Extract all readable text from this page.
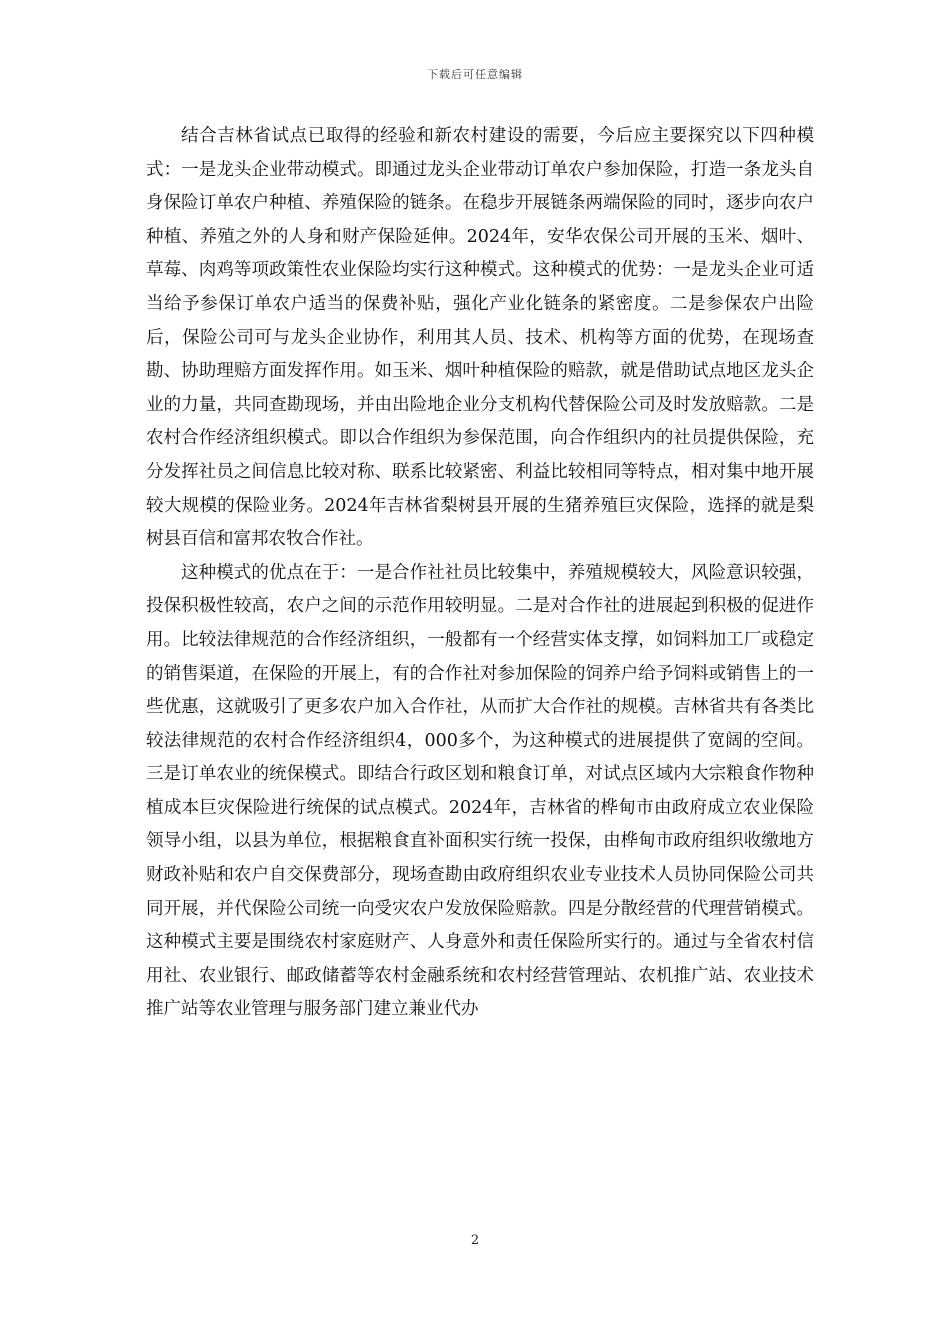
下载后可任意编辑

结合吉林省试点已取得的经验和新农村建设的需要，今后应主要探究以下四种模式：一是龙头企业带动模式。即通过龙头企业带动订单农户参加保险，打造一条龙头自身保险订单农户种植、养殖保险的链条。在稳步开展链条两端保险的同时，逐步向农户种植、养殖之外的人身和财产保险延伸。2024年，安华农保公司开展的玉米、烟叶、草莓、肉鸡等项政策性农业保险均实行这种模式。这种模式的优势：一是龙头企业可适当给予参保订单农户适当的保费补贴，强化产业化链条的紧密度。二是参保农户出险后，保险公司可与龙头企业协作，利用其人员、技术、机构等方面的优势，在现场查勘、协助理赔方面发挥作用。如玉米、烟叶种植保险的赔款，就是借助试点地区龙头企业的力量，共同查勘现场，并由出险地企业分支机构代替保险公司及时发放赔款。二是农村合作经济组织模式。即以合作组织为参保范围，向合作组织内的社员提供保险，充分发挥社员之间信息比较对称、联系比较紧密、利益比较相同等特点，相对集中地开展较大规模的保险业务。2024年吉林省梨树县开展的生猪养殖巨灾保险，选择的就是梨树县百信和富邦农牧合作社。

这种模式的优点在于：一是合作社社员比较集中，养殖规模较大，风险意识较强，投保积极性较高，农户之间的示范作用较明显。二是对合作社的进展起到积极的促进作用。比较法律规范的合作经济组织，一般都有一个经营实体支撑，如饲料加工厂或稳定的销售渠道，在保险的开展上，有的合作社对参加保险的饲养户给予饲料或销售上的一些优惠，这就吸引了更多农户加入合作社，从而扩大合作社的规模。吉林省共有各类比较法律规范的农村合作经济组织4，000多个，为这种模式的进展提供了宽阔的空间。三是订单农业的统保模式。即结合行政区划和粮食订单，对试点区域内大宗粮食作物种植成本巨灾保险进行统保的试点模式。2024年，吉林省的桦甸市由政府成立农业保险领导小组，以县为单位，根据粮食直补面积实行统一投保，由桦甸市政府组织收缴地方财政补贴和农户自交保费部分，现场查勘由政府组织农业专业技术人员协同保险公司共同开展，并代保险公司统一向受灾农户发放保险赔款。四是分散经营的代理营销模式。这种模式主要是围绕农村家庭财产、人身意外和责任保险所实行的。通过与全省农村信用社、农业银行、邮政储蓄等农村金融系统和农村经营管理站、农机推广站、农业技术推广站等农业管理与服务部门建立兼业代办

2
